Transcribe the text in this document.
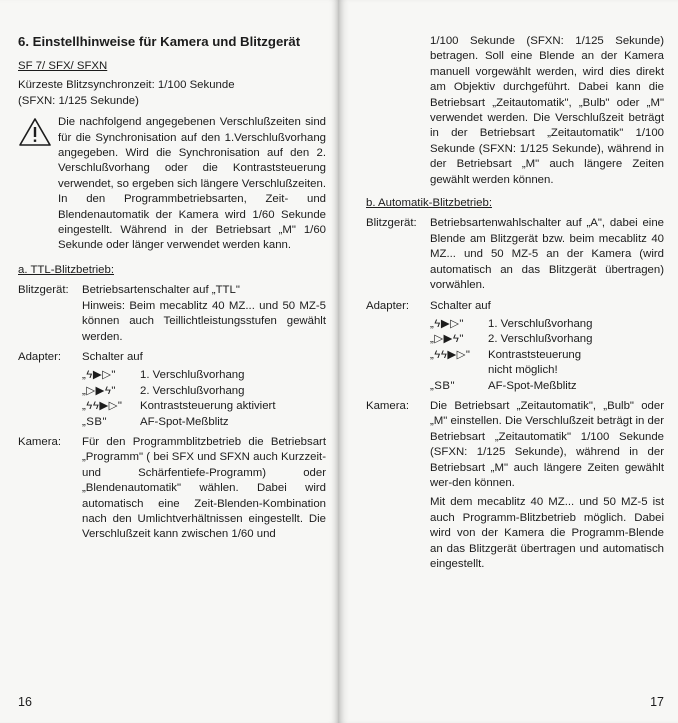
6. Einstellhinweise für Kamera und Blitzgerät
SF 7/ SFX/ SFXN

Kürzeste Blitzsynchronzeit: 1/100 Sekunde

(SFXN: 1/125 Sekunde)

Die nachfolgend angegebenen Verschlußzeiten sind für die Synchronisation auf den 1.Verschlußvorhang angegeben. Wird die Synchronisation auf den 2. Verschlußvorhang oder die Kontraststeuerung verwendet, so ergeben sich längere Verschlußzeiten. In den Programmbetriebsarten, Zeit- und Blendenautomatik der Kamera wird 1/60 Sekunde eingestellt. Während in der Betriebsart „M" 1/60 Sekunde oder länger verwendet werden kann.
a. TTL-Blitzbetrieb:
Blitzgerät:	Betriebsartenschalter auf „TTL"

Hinweis: Beim mecablitz 40 MZ... und 50 MZ-5 können auch Teillichtleistungsstufen gewählt werden.

Adapter:	Schalter auf

„ϟ▶▷" 1. Verschlußvorhang
„▷▶ϟ" 2. Verschlußvorhang
„ϟϟ▶▷" Kontraststeuerung aktiviert
„SB"	AF-Spot-Meßblitz
Kamera:	Für den Programmblitzbetrieb die Betriebsart „Programm" ( bei SFX und SFXN auch Kurzzeit- und Schärfentiefe-Programm) oder „Blendenautomatik" wählen. Dabei wird automatisch eine Zeit-Blenden-Kombination nach den Umlichtverhältnissen eingestellt. Die Verschlußzeit kann zwischen 1/60 und

16

1/100 Sekunde (SFXN: 1/125 Sekunde) betragen. Soll eine Blende an der Kamera manuell vorgewählt werden, wird dies direkt am Objektiv durchgeführt. Dabei kann die Betriebsart „Zeitautomatik", „Bulb" oder „M" verwendet werden. Die Verschlußzeit beträgt in der Betriebsart „Zeitautomatik" 1/100 Sekunde (SFXN: 1/125 Sekunde), während in der Betriebsart „M" auch längere Zeiten gewählt werden können.

b. Automatik-Blitzbetrieb:
Blitzgerät:	Betriebsartenwahlschalter auf „A", dabei eine Blende am Blitzgerät bzw. beim mecablitz 40 MZ... und 50 MZ-5 an der Kamera (wird automatisch an das Blitzgerät übertragen) vorwählen.

Adapter:	Schalter auf

„ϟ▶▷" 1. Verschlußvorhang
„▷▶ϟ" 2. Verschlußvorhang
„ϟϟ▶▷" Kontraststeuerung
nicht möglich!
„SB"	AF-Spot-Meßblitz
Kamera:	Die Betriebsart „Zeitautomatik", „Bulb" oder „M" einstellen. Die Verschlußzeit beträgt in der Betriebsart „Zeitautomatik" 1/100 Sekunde (SFXN: 1/125 Sekunde), während in der Betriebsart „M" auch längere Zeiten gewählt wer-den können.

Mit dem mecablitz 40 MZ... und 50 MZ-5 ist auch Programm-Blitzbetrieb möglich. Dabei wird von der Kamera die Programm-Blende an das Blitzgerät übertragen und automatisch eingestellt.

17
